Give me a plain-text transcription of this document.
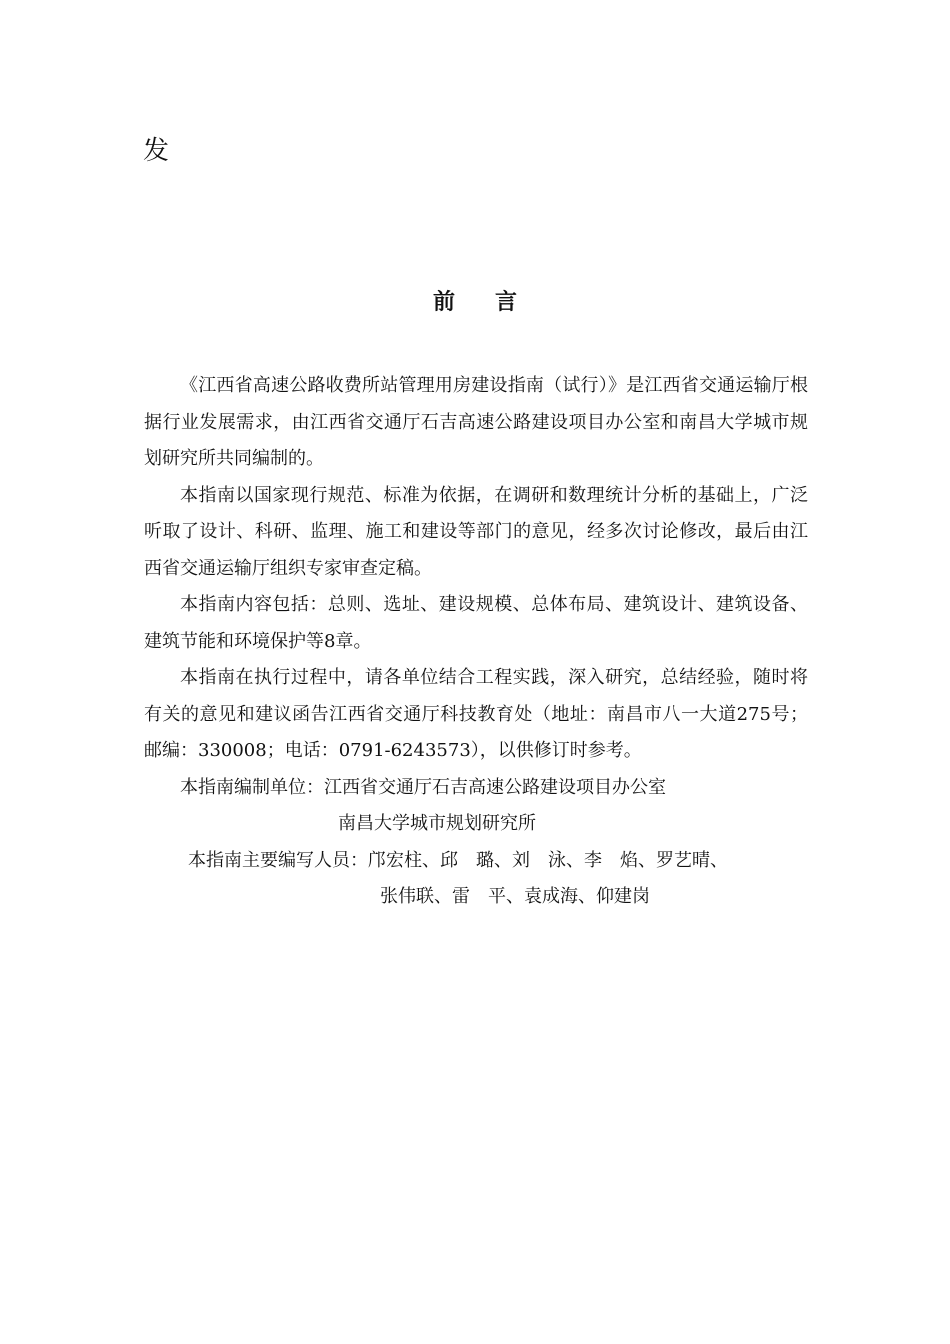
发
前言

《江西省高速公路收费所站管理用房建设指南（试行）》是江西省交通运输厅根据行业发展需求，由江西省交通厅石吉高速公路建设项目办公室和南昌大学城市规划研究所共同编制的。

本指南以国家现行规范、标准为依据，在调研和数理统计分析的基础上，广泛听取了设计、科研、监理、施工和建设等部门的意见，经多次讨论修改，最后由江西省交通运输厅组织专家审查定稿。

本指南内容包括：总则、选址、建设规模、总体布局、建筑设计、建筑设备、建筑节能和环境保护等8章。

本指南在执行过程中，请各单位结合工程实践，深入研究，总结经验，随时将有关的意见和建议函告江西省交通厅科技教育处（地址：南昌市八一大道275号；邮编：330008；电话：0791-6243573），以供修订时参考。

本指南编制单位：江西省交通厅石吉高速公路建设项目办公室

南昌大学城市规划研究所

本指南主要编写人员：邝宏柱、邱　璐、刘　泳、李　焰、罗艺晴、

张伟联、雷　平、袁成海、仰建岗
